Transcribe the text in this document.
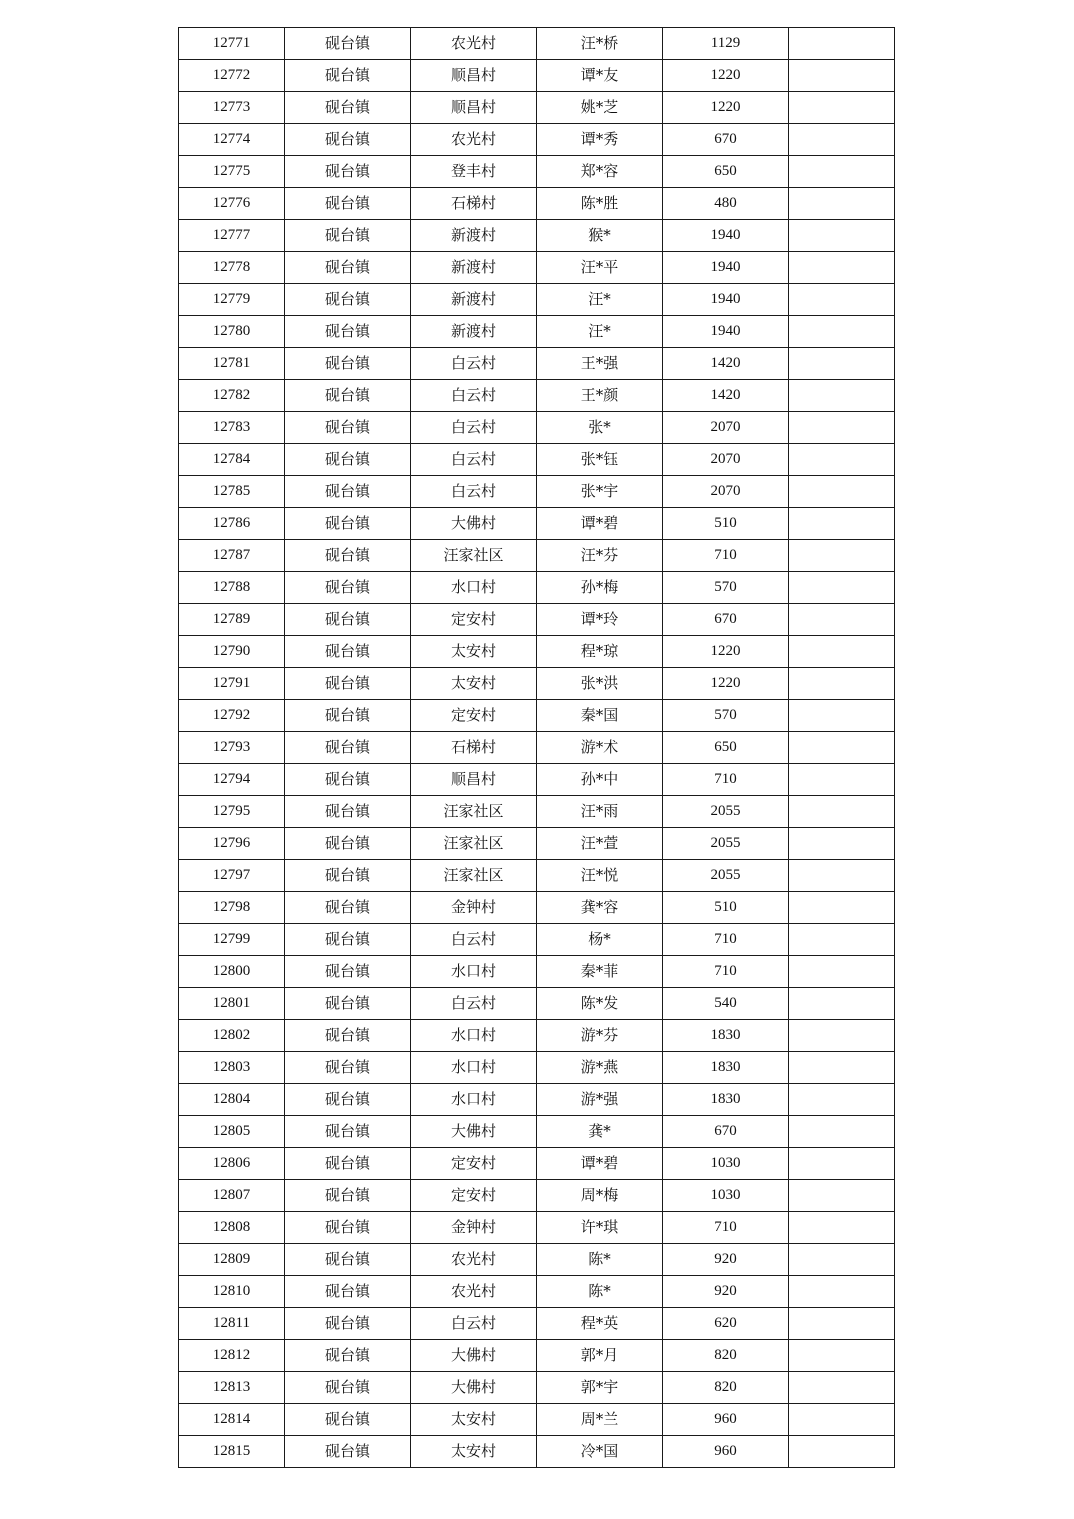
12771	砚台镇	农光村	汪*桥	1129	
12772	砚台镇	顺昌村	谭*友	1220	
12773	砚台镇	顺昌村	姚*芝	1220	
12774	砚台镇	农光村	谭*秀	670	
12775	砚台镇	登丰村	郑*容	650	
12776	砚台镇	石梯村	陈*胜	480	
12777	砚台镇	新渡村	猴*	1940	
12778	砚台镇	新渡村	汪*平	1940	
12779	砚台镇	新渡村	汪*	1940	
12780	砚台镇	新渡村	汪*	1940	
12781	砚台镇	白云村	王*强	1420	
12782	砚台镇	白云村	王*颜	1420	
12783	砚台镇	白云村	张*	2070	
12784	砚台镇	白云村	张*钰	2070	
12785	砚台镇	白云村	张*宇	2070	
12786	砚台镇	大佛村	谭*碧	510	
12787	砚台镇	汪家社区	汪*芬	710	
12788	砚台镇	水口村	孙*梅	570	
12789	砚台镇	定安村	谭*玲	670	
12790	砚台镇	太安村	程*琼	1220	
12791	砚台镇	太安村	张*洪	1220	
12792	砚台镇	定安村	秦*国	570	
12793	砚台镇	石梯村	游*术	650	
12794	砚台镇	顺昌村	孙*中	710	
12795	砚台镇	汪家社区	汪*雨	2055	
12796	砚台镇	汪家社区	汪*萱	2055	
12797	砚台镇	汪家社区	汪*悦	2055	
12798	砚台镇	金钟村	龚*容	510	
12799	砚台镇	白云村	杨*	710	
12800	砚台镇	水口村	秦*菲	710	
12801	砚台镇	白云村	陈*发	540	
12802	砚台镇	水口村	游*芬	1830	
12803	砚台镇	水口村	游*燕	1830	
12804	砚台镇	水口村	游*强	1830	
12805	砚台镇	大佛村	龚*	670	
12806	砚台镇	定安村	谭*碧	1030	
12807	砚台镇	定安村	周*梅	1030	
12808	砚台镇	金钟村	许*琪	710	
12809	砚台镇	农光村	陈*	920	
12810	砚台镇	农光村	陈*	920	
12811	砚台镇	白云村	程*英	620	
12812	砚台镇	大佛村	郭*月	820	
12813	砚台镇	大佛村	郭*宇	820	
12814	砚台镇	太安村	周*兰	960	
12815	砚台镇	太安村	冷*国	960	
